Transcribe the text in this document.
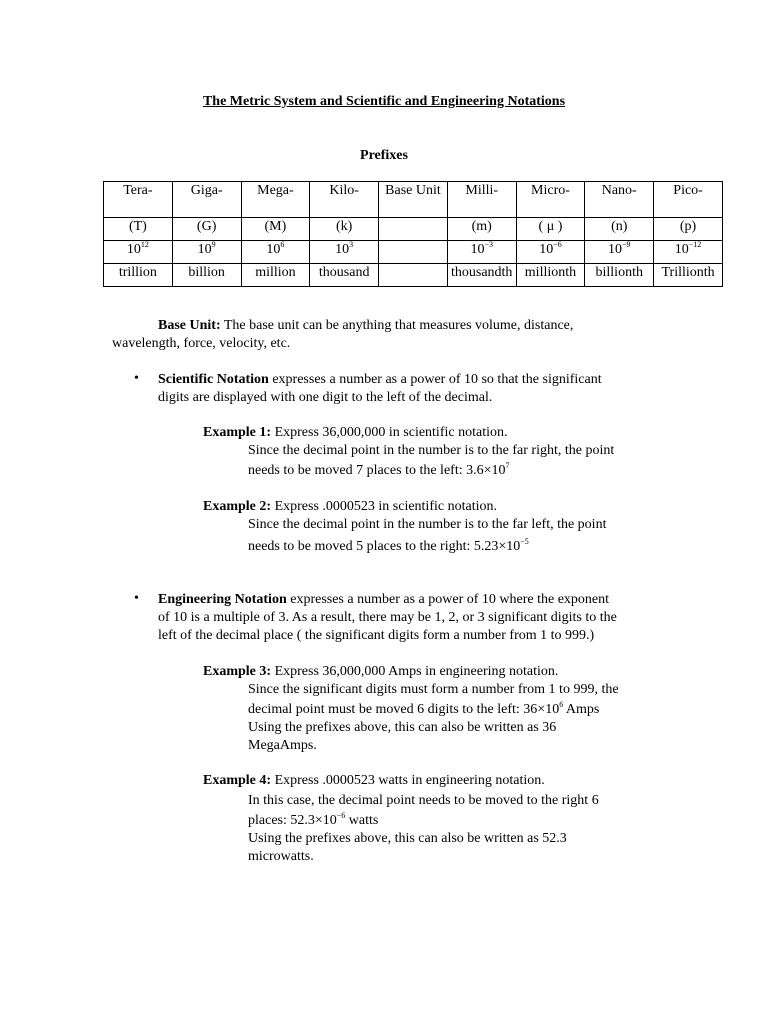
The Metric System and Scientific and Engineering Notations
Prefixes
Tera-	Giga-	Mega-	Kilo-	Base Unit	Milli-	Micro-	Nano-	Pico-
(T)	(G)	(M)	(k)		(m)	( μ )	(n)	(p)
$10^{12}$	$10^9$	$10^6$	$10^3$		$10^{-3}$	$10^{-6}$	$10^{-9}$	$10^{-12}$
trillion	billion	million	thousand		thousandth	millionth	billionth	Trillionth
Base Unit: The base unit can be anything that measures volume, distance,
wavelength, force, velocity, etc.
• Scientific Notation expresses a number as a power of 10 so that the significant
digits are displayed with one digit to the left of the decimal.
Example 1: Express 36,000,000 in scientific notation.
Since the decimal point in the number is to the far right, the point
needs to be moved 7 places to the left: $3.6\times 10^7$
Example 2: Express .0000523 in scientific notation.
Since the decimal point in the number is to the far left, the point
needs to be moved 5 places to the right: $5.23\times 10^{-5}$
• Engineering Notation expresses a number as a power of 10 where the exponent
of 10 is a multiple of 3. As a result, there may be 1, 2, or 3 significant digits to the
left of the decimal place ( the significant digits form a number from 1 to 999.)
Example 3: Express 36,000,000 Amps in engineering notation.
Since the significant digits must form a number from 1 to 999, the
decimal point must be moved 6 digits to the left: $36\times 10^6$ Amps
Using the prefixes above, this can also be written as 36
MegaAmps.
Example 4: Express .0000523 watts in engineering notation.
In this case, the decimal point needs to be moved to the right 6
places: $52.3\times 10^{-6}$ watts
Using the prefixes above, this can also be written as 52.3
microwatts.
